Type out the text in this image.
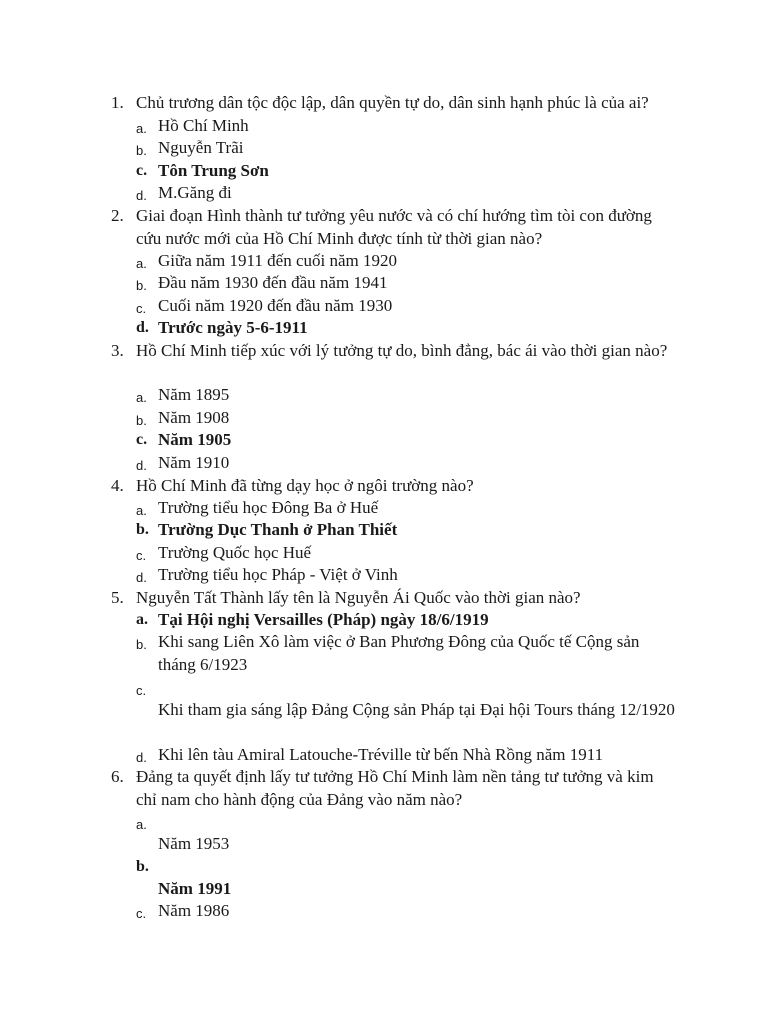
1. Chủ trương dân tộc độc lập, dân quyền tự do, dân sinh hạnh phúc là của ai?
a. Hồ Chí Minh
b. Nguyễn Trãi
c. Tôn Trung Sơn
d. M.Găng đi
2. Giai đoạn Hình thành tư tưởng yêu nước và có chí hướng tìm tòi con đường cứu nước mới của Hồ Chí Minh được tính từ thời gian nào?
a. Giữa năm 1911 đến cuối năm 1920
b. Đầu năm 1930 đến đầu năm 1941
c. Cuối năm 1920 đến đầu năm 1930
d. Trước ngày 5-6-1911
3. Hồ Chí Minh tiếp xúc với lý tưởng tự do, bình đẳng, bác ái vào thời gian nào?
a. Năm 1895
b. Năm 1908
c. Năm 1905
d. Năm 1910
4. Hồ Chí Minh đã từng dạy học ở ngôi trường nào?
a. Trường tiểu học Đông Ba ở Huế
b. Trường Dục Thanh ở Phan Thiết
c. Trường Quốc học Huế
d. Trường tiểu học Pháp - Việt ở Vinh
5. Nguyễn Tất Thành lấy tên là Nguyễn Ái Quốc vào thời gian nào?
a. Tại Hội nghị Versailles (Pháp) ngày 18/6/1919
b. Khi sang Liên Xô làm việc ở Ban Phương Đông của Quốc tế Cộng sản tháng 6/1923
c.
Khi tham gia sáng lập Đảng Cộng sản Pháp tại Đại hội Tours tháng 12/1920
d. Khi lên tàu Amiral Latouche-Tréville từ bến Nhà Rồng năm 1911
6. Đảng ta quyết định lấy tư tưởng Hồ Chí Minh làm nền tảng tư tưởng và kim chỉ nam cho hành động của Đảng vào năm nào?
a.
Năm 1953
b.
Năm 1991
c. Năm 1986
